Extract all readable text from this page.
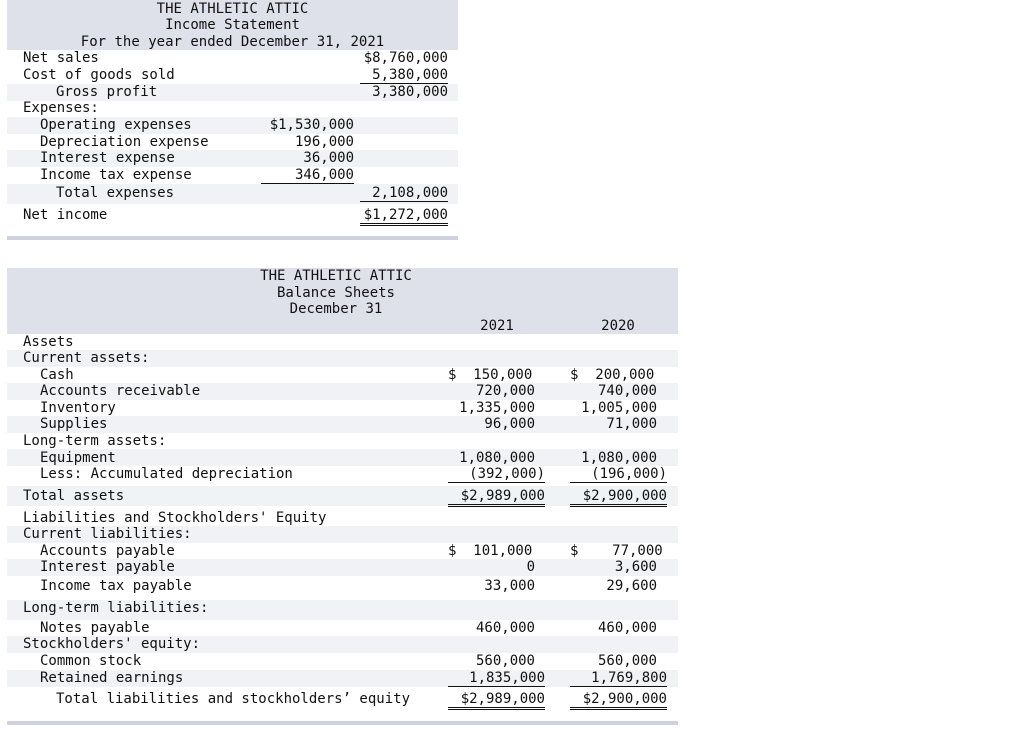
THE ATHLETIC ATTIC
Income Statement
For the year ended December 31, 2021
Net sales	$8,760,000
Cost of goods sold	5,380,000
Gross profit	3,380,000
Expenses:
Operating expenses	$1,530,000
Depreciation expense	196,000
Interest expense	36,000
Income tax expense	346,000
Total expenses	2,108,000
Net income	$1,272,000
THE ATHLETIC ATTIC
Balance Sheets
December 31
2021	2020
Assets
Current assets:
Cash	$  150,000	$  200,000
Accounts receivable	720,000	740,000
Inventory	1,335,000	1,005,000
Supplies	96,000	71,000
Long-term assets:
Equipment	1,080,000	1,080,000
Less: Accumulated depreciation	(392,000)	(196,000)
Total assets	$2,989,000	$2,900,000
Liabilities and Stockholders' Equity
Current liabilities:
Accounts payable	$  101,000	$    77,000
Interest payable	0	3,600
Income tax payable	33,000	29,600
Long-term liabilities:
Notes payable	460,000	460,000
Stockholders' equity:
Common stock	560,000	560,000
Retained earnings	1,835,000	1,769,800
Total liabilities and stockholders’ equity	$2,989,000	$2,900,000
